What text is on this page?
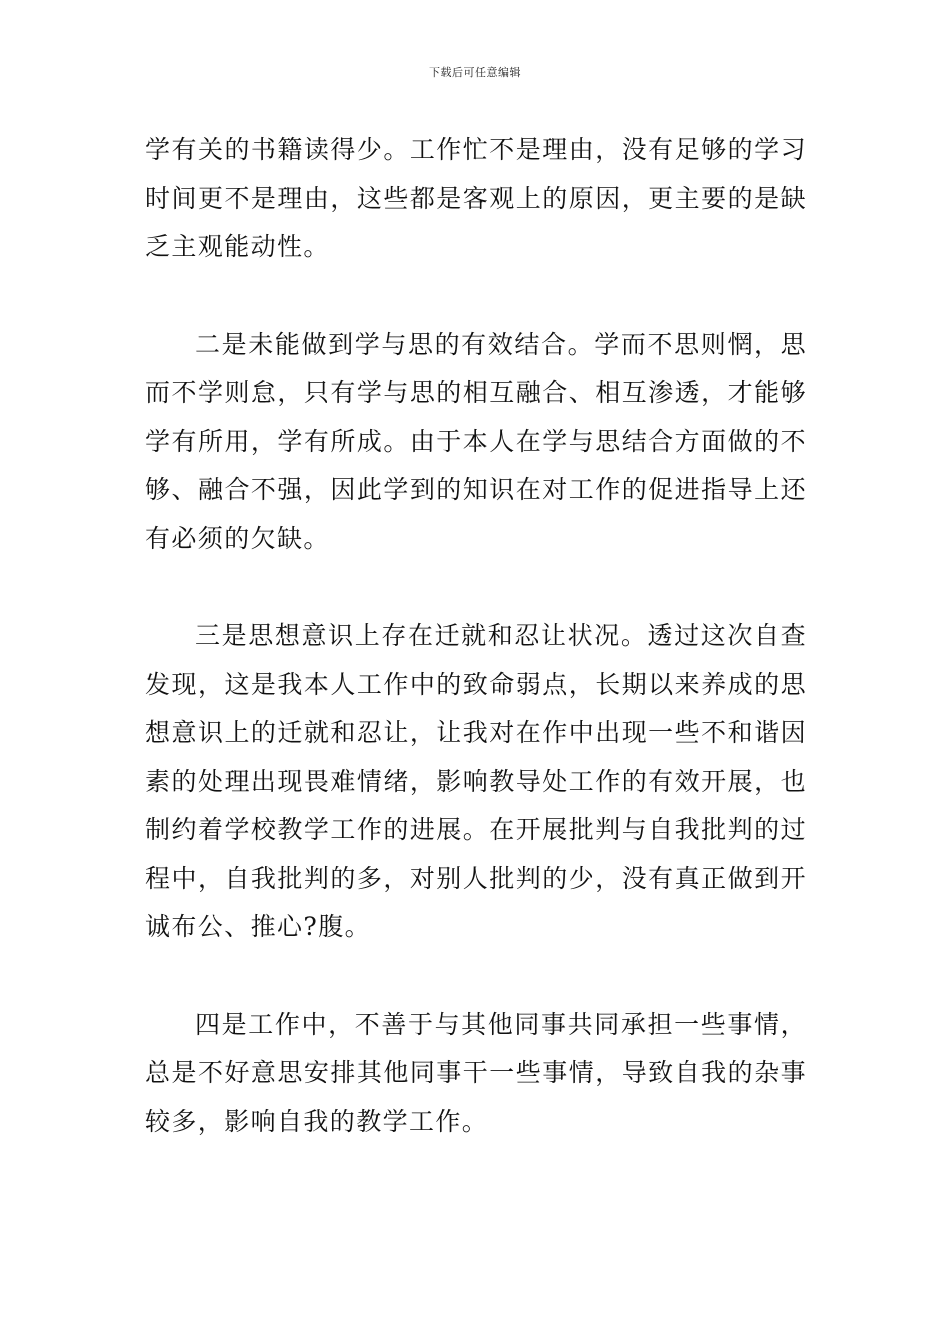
下载后可任意编辑

学有关的书籍读得少。工作忙不是理由，没有足够的学习时间更不是理由，这些都是客观上的原因，更主要的是缺乏主观能动性。

二是未能做到学与思的有效结合。学而不思则惘，思而不学则怠，只有学与思的相互融合、相互渗透，才能够学有所用，学有所成。由于本人在学与思结合方面做的不够、融合不强，因此学到的知识在对工作的促进指导上还有必须的欠缺。

三是思想意识上存在迁就和忍让状况。透过这次自查发现，这是我本人工作中的致命弱点，长期以来养成的思想意识上的迁就和忍让，让我对在作中出现一些不和谐因素的处理出现畏难情绪，影响教导处工作的有效开展，也制约着学校教学工作的进展。在开展批判与自我批判的过程中，自我批判的多，对别人批判的少，没有真正做到开诚布公、推心?腹。

四是工作中，不善于与其他同事共同承担一些事情，总是不好意思安排其他同事干一些事情，导致自我的杂事较多，影响自我的教学工作。
